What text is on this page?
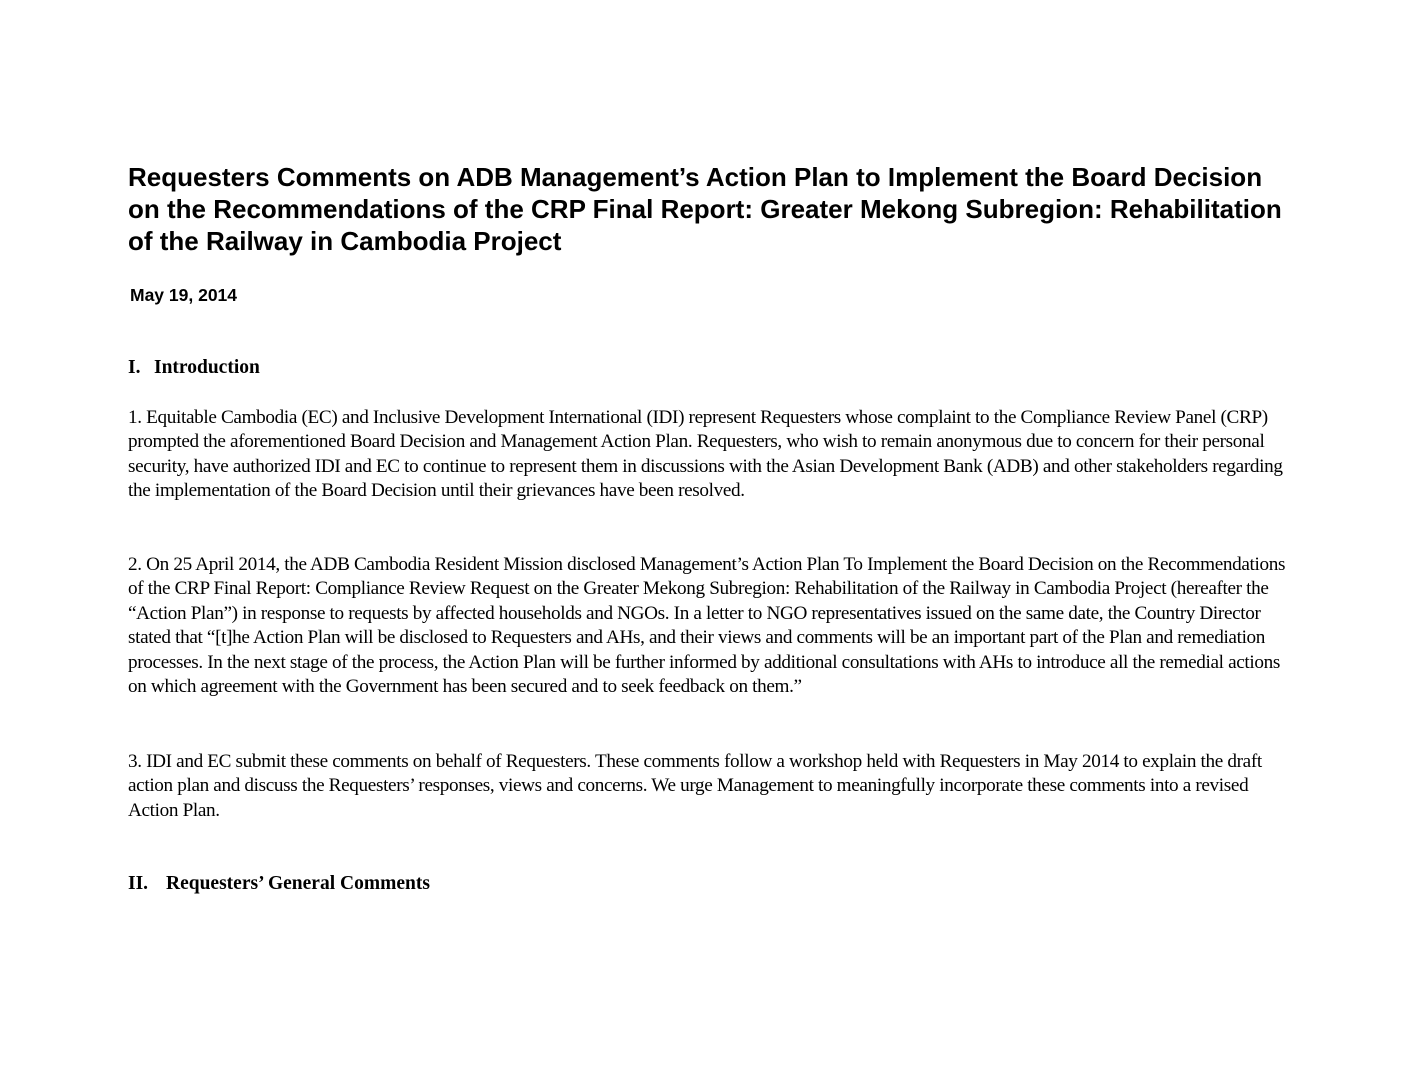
Requesters Comments on ADB Management’s Action Plan to Implement the Board Decision on the Recommendations of the CRP Final Report: Greater Mekong Subregion: Rehabilitation of the Railway in Cambodia Project

May 19, 2014

I. Introduction

1. Equitable Cambodia (EC) and Inclusive Development International (IDI) represent Requesters whose complaint to the Compliance Review Panel (CRP) prompted the aforementioned Board Decision and Management Action Plan. Requesters, who wish to remain anonymous due to concern for their personal security, have authorized IDI and EC to continue to represent them in discussions with the Asian Development Bank (ADB) and other stakeholders regarding the implementation of the Board Decision until their grievances have been resolved.

2. On 25 April 2014, the ADB Cambodia Resident Mission disclosed Management’s Action Plan To Implement the Board Decision on the Recommendations of the CRP Final Report: Compliance Review Request on the Greater Mekong Subregion: Rehabilitation of the Railway in Cambodia Project (hereafter the “Action Plan”) in response to requests by affected households and NGOs. In a letter to NGO representatives issued on the same date, the Country Director stated that “[t]he Action Plan will be disclosed to Requesters and AHs, and their views and comments will be an important part of the Plan and remediation processes. In the next stage of the process, the Action Plan will be further informed by additional consultations with AHs to introduce all the remedial actions on which agreement with the Government has been secured and to seek feedback on them.”

3. IDI and EC submit these comments on behalf of Requesters. These comments follow a workshop held with Requesters in May 2014 to explain the draft action plan and discuss the Requesters’ responses, views and concerns. We urge Management to meaningfully incorporate these comments into a revised Action Plan.

II. Requesters’ General Comments
